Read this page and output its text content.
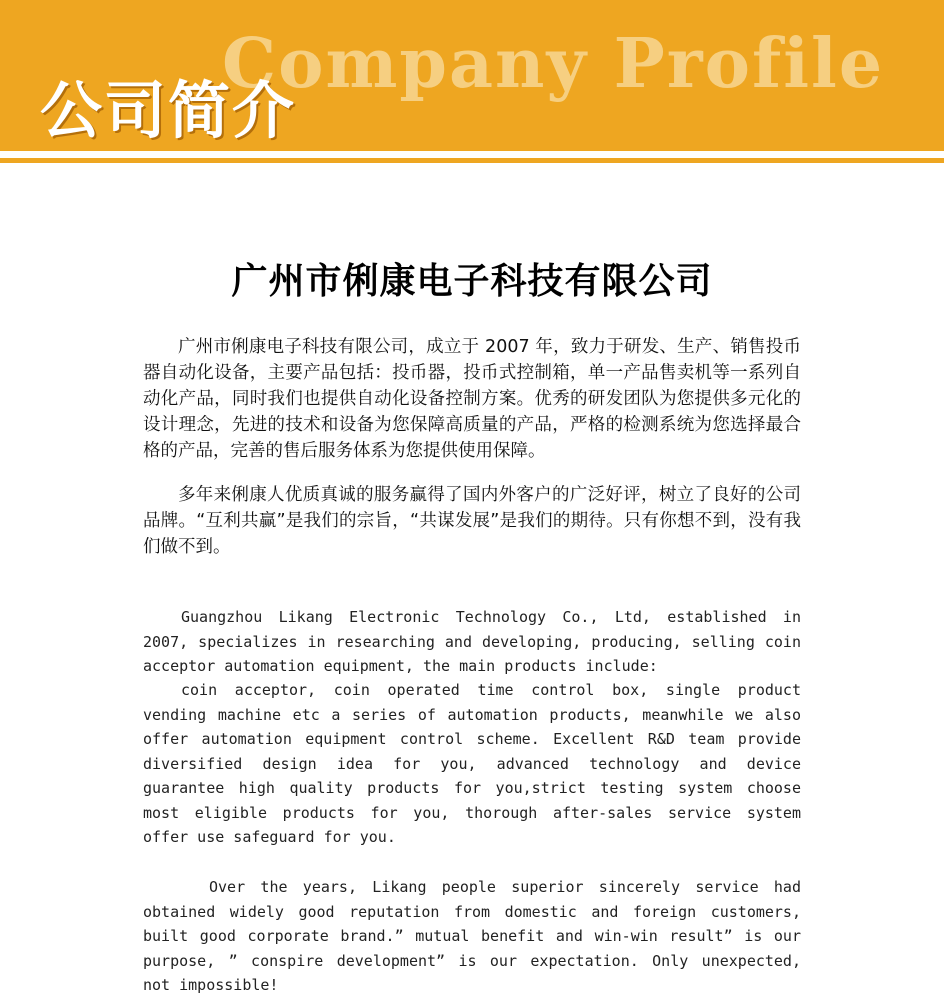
Company Profile
公司简介
广州市俐康电子科技有限公司

广州市俐康电子科技有限公司，成立于 2007 年，致力于研发、生产、销售投币器自动化设备，主要产品包括：投币器，投币式控制箱，单一产品售卖机等一系列自动化产品，同时我们也提供自动化设备控制方案。优秀的研发团队为您提供多元化的设计理念，先进的技术和设备为您保障高质量的产品，严格的检测系统为您选择最合格的产品，完善的售后服务体系为您提供使用保障。

多年来俐康人优质真诚的服务赢得了国内外客户的广泛好评，树立了良好的公司品牌。“互利共赢”是我们的宗旨，“共谋发展”是我们的期待。只有你想不到，没有我们做不到。

Guangzhou Likang Electronic Technology Co., Ltd, established in 2007, specializes in researching and developing, producing, selling coin acceptor automation equipment, the main products include:

coin acceptor, coin operated time control box, single product vending machine etc a series of automation products, meanwhile we also offer automation equipment control scheme. Excellent R&D team provide diversified design idea for you, advanced technology and device guarantee high quality products for you,strict testing system choose most eligible products for you, thorough after-sales service system offer use safeguard for you.

Over the years, Likang people superior sincerely service had obtained widely good reputation from domestic and foreign customers, built good corporate brand.” mutual benefit and win-win result” is our purpose, ” conspire development” is our expectation. Only unexpected, not impossible!
